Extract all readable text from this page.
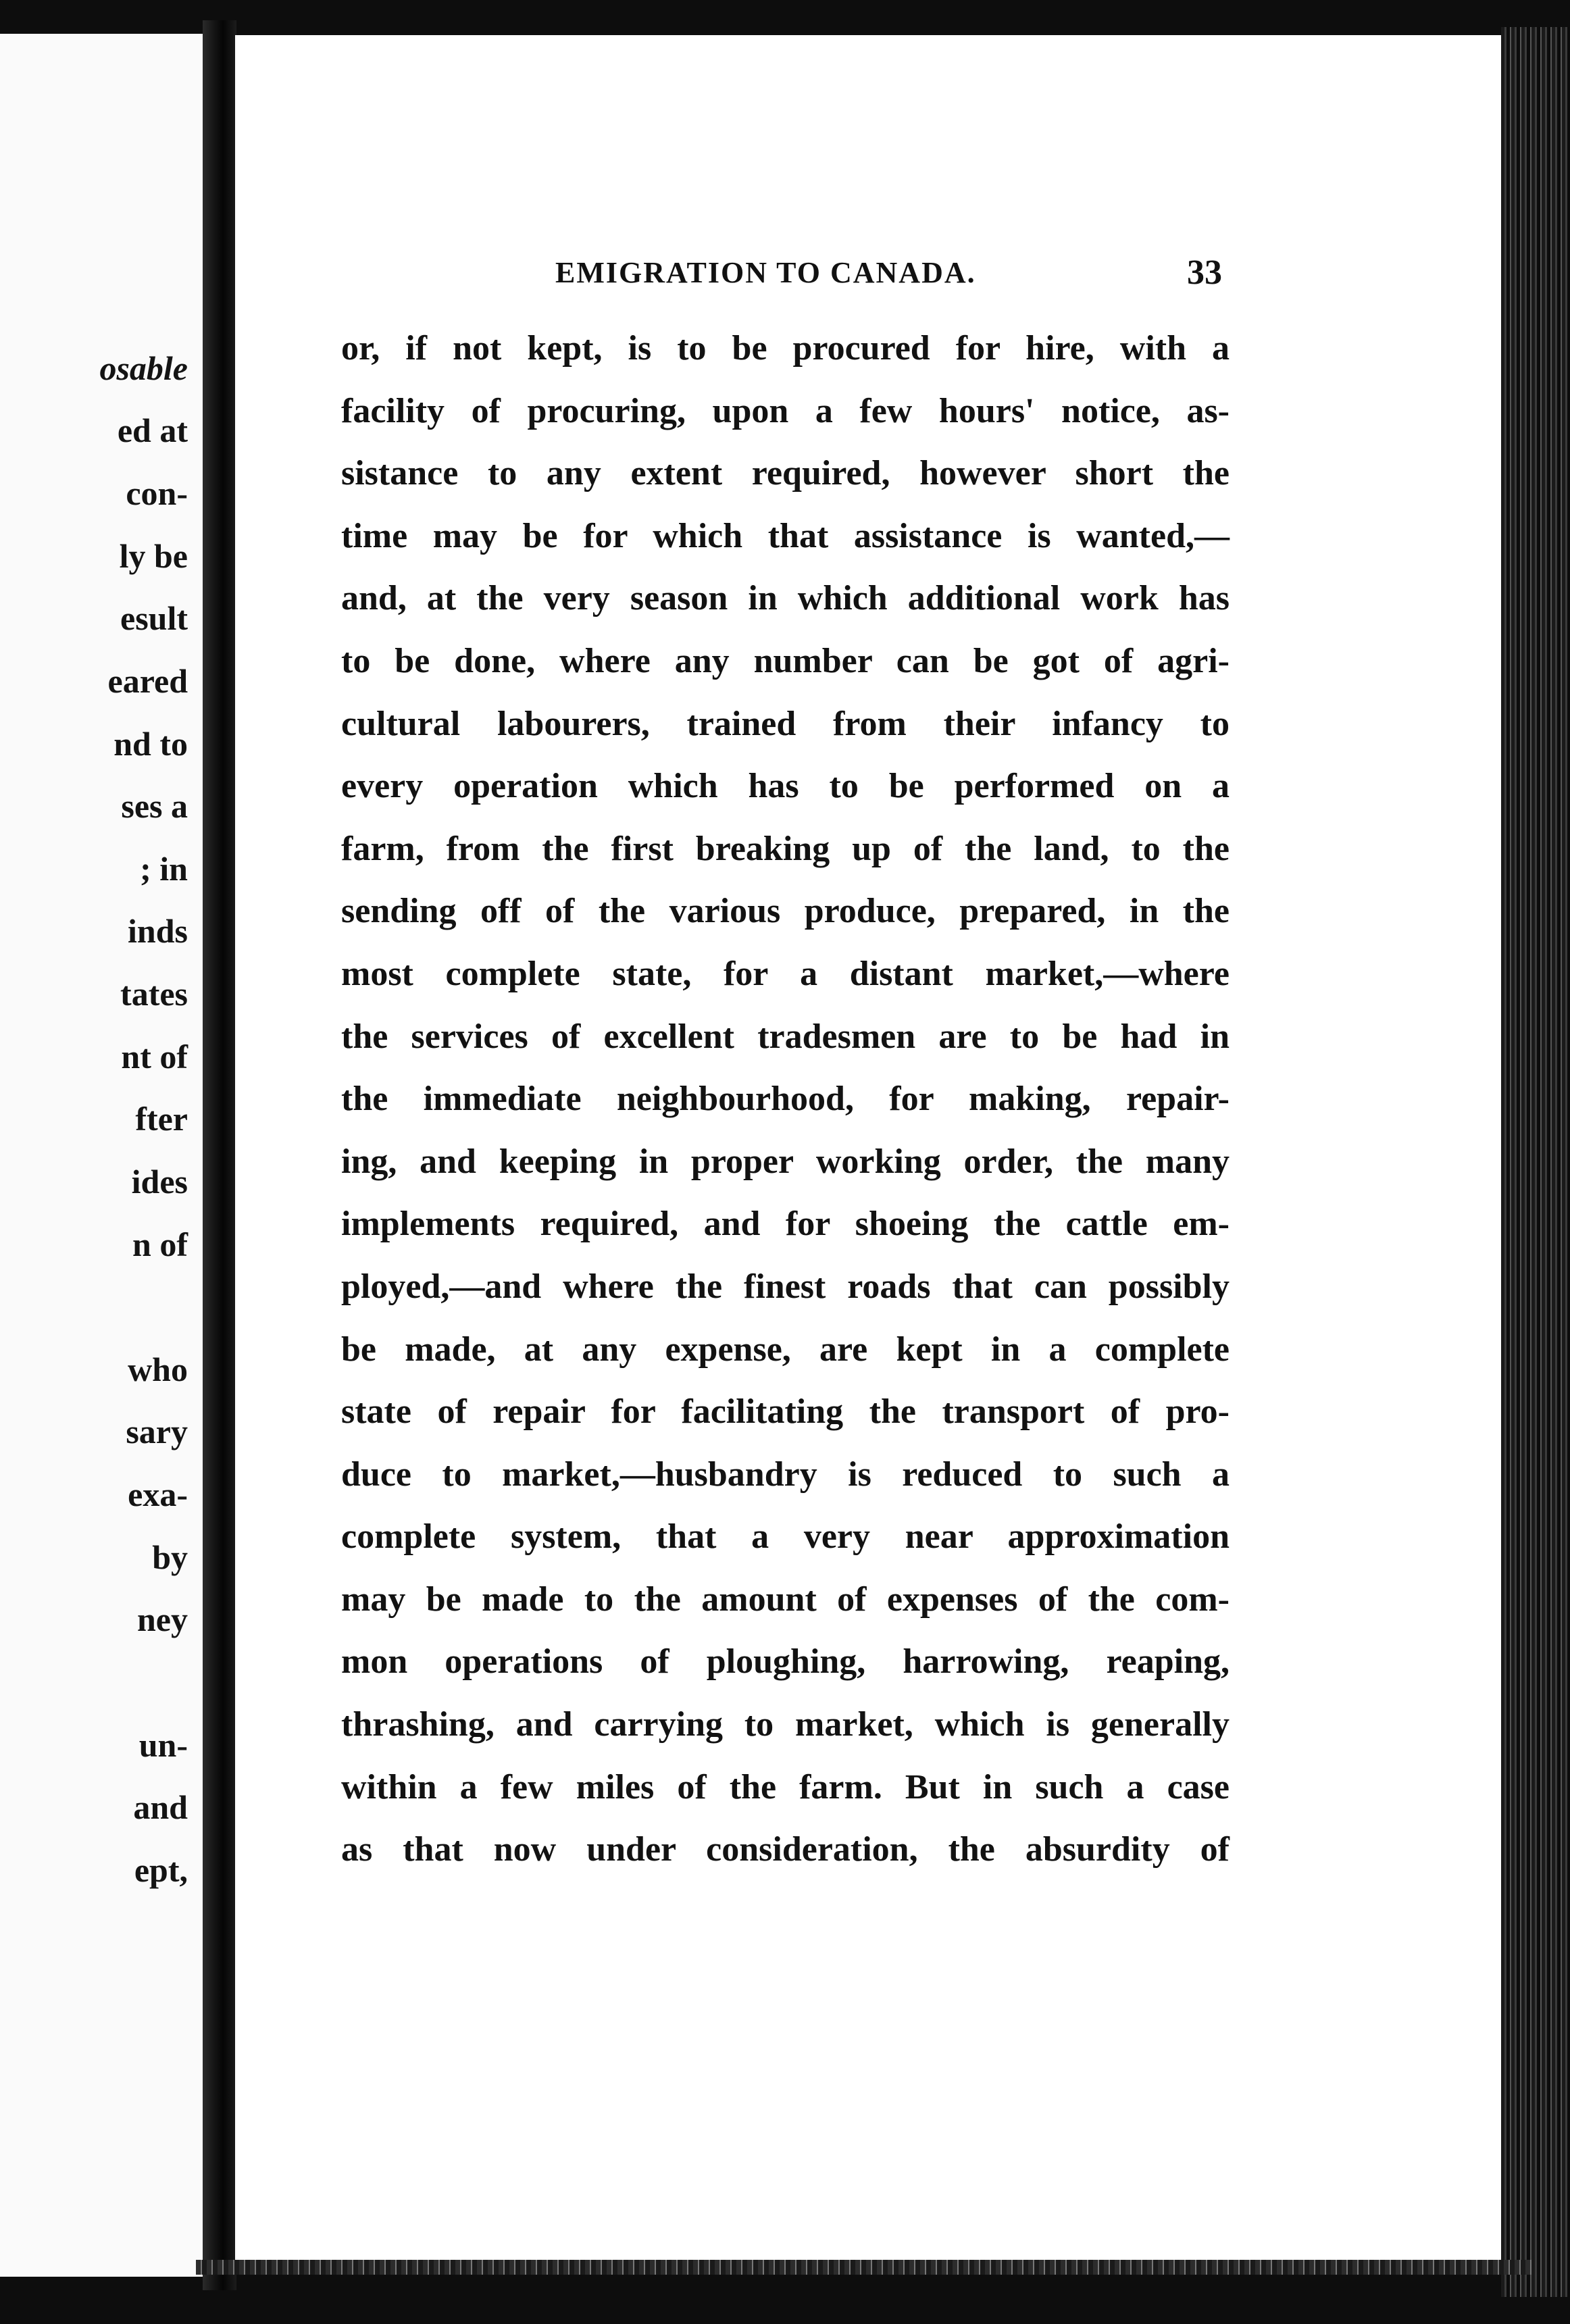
osable

ed at

con-

ly be

esult

eared

nd to

ses a

; in

inds

tates

nt of

fter

ides

n of

who

sary

exa-

by

ney

un-

and

ept,

EMIGRATION TO CANADA.	33

or, if not kept, is to be procured for hire, with a

facility of procuring, upon a few hours' notice, as-

sistance to any extent required, however short the

time may be for which that assistance is wanted,—

and, at the very season in which additional work has

to be done, where any number can be got of agri-

cultural labourers, trained from their infancy to

every operation which has to be performed on a

farm, from the first breaking up of the land, to the

sending off of the various produce, prepared, in the

most complete state, for a distant market,—where

the services of excellent tradesmen are to be had in

the immediate neighbourhood, for making, repair-

ing, and keeping in proper working order, the many

implements required, and for shoeing the cattle em-

ployed,—and where the finest roads that can possibly

be made, at any expense, are kept in a complete

state of repair for facilitating the transport of pro-

duce to market,—husbandry is reduced to such a

complete system, that a very near approximation

may be made to the amount of expenses of the com-

mon operations of ploughing, harrowing, reaping,

thrashing, and carrying to market, which is generally

within a few miles of the farm. But in such a case

as that now under consideration, the absurdity of
